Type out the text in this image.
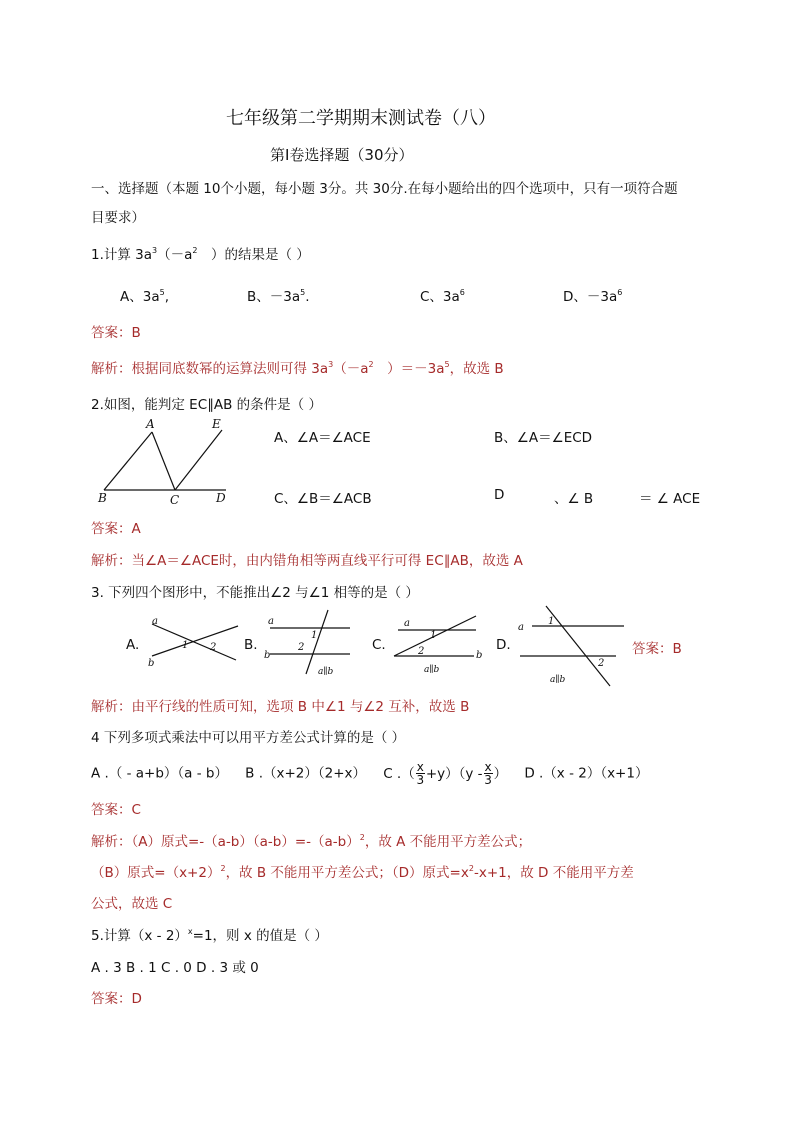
七年级第二学期期末测试卷（八）
第Ⅰ卷选择题（30分）
一、选择题（本题 10个小题，每小题 3分。共 30分.在每小题给出的四个选项中，只有一项符合题
目要求）
1.计算 $3a^3(-a^2$　）的结果是（ ）
A、$3a^5$,	B、$-3a^5$.	C、$3a^6$	D、$-3a^6$
答案：B
解析：根据同底数幂的运算法则可得 $3a^3(-a^2$　）$=-3a^5$，故选 B
2.如图，能判定 EC∥AB 的条件是（ ）
A	E
B	C	D
A、∠A＝∠ACE	B、∠A＝∠ECD
C、∠B＝∠ACB	D	、∠ B	＝ ∠ ACE
答案：A
解析：当∠A＝∠ACE时，由内错角相等两直线平行可得 EC∥AB，故选 A
3. 下列四个图形中，不能推出∠2 与∠1 相等的是（ ）
A.
a
b
1 2 B.
a
b
1
2
a∥b
C.
a
b
1
2
a∥b
D.
a
1
2
a∥b
答案：B
解析：由平行线的性质可知，选项 B 中∠1 与∠2 互补，故选 B
4 下列多项式乘法中可以用平方差公式计算的是（ ）
A .（ - a+b）（a - b） B .（x+2）（2+x） C .（ $\frac{x}{3} +y)(y - \frac{x}{3}$ ） D .（x - 2）（x+1）
答案：C
解析：（A）原式$=-(a-b)(a-b)=-(a-b)^2$，故 A 不能用平方差公式；
（B）原式$=(x+2)^2$，故 B 不能用平方差公式；（D）原式$=x^2-x+1$，故 D 不能用平方差
公式，故选 C
5.计算（x - 2）$^x$=1，则 x 的值是（ ）
A . 3 B . 1 C . 0 D . 3 或 0
答案：D
